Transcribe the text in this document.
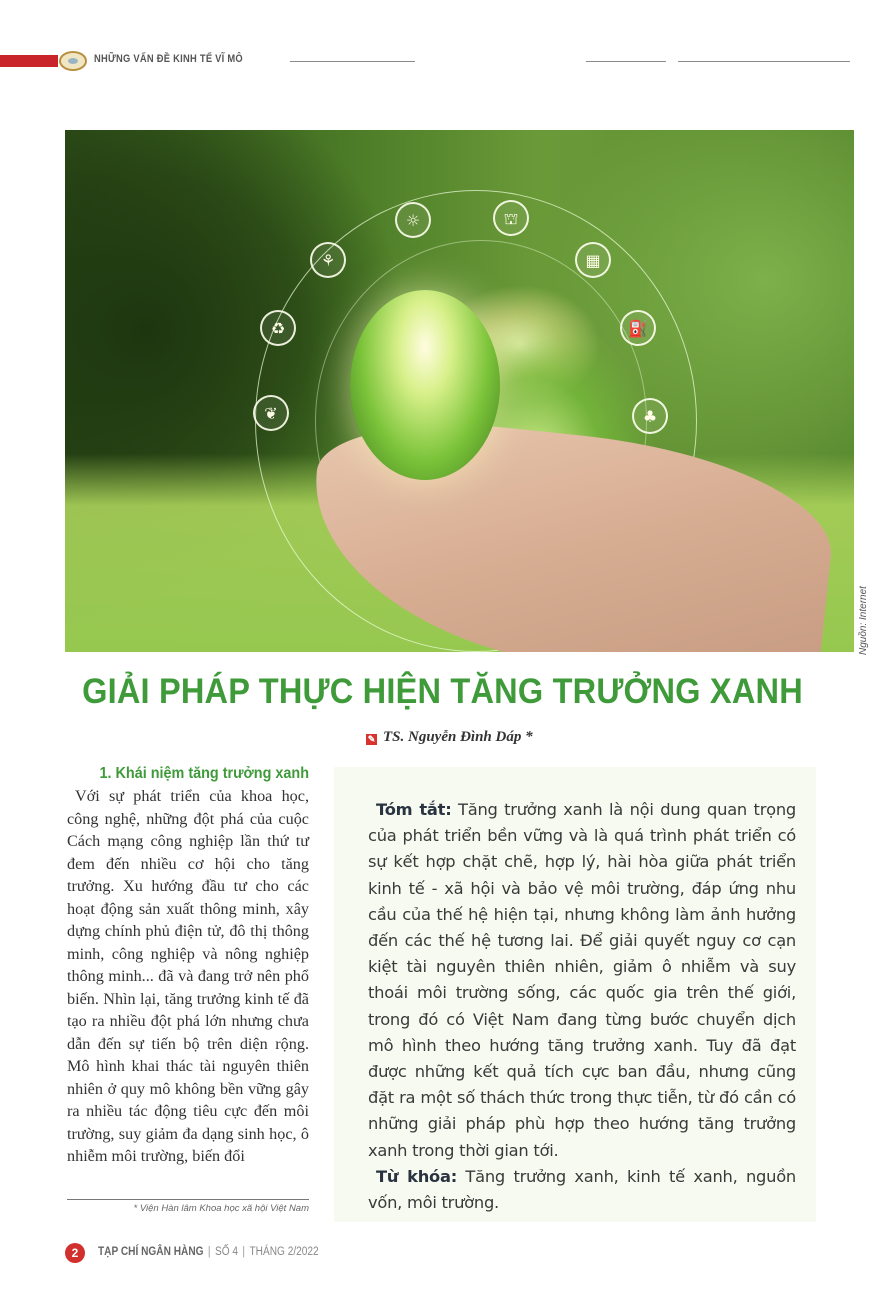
NHỮNG VẤN ĐỀ KINH TẾ VĨ MÔ
❦
♻
⚘
☼	⛫
▦
⛽
♣
Nguồn: Internet
GIẢI PHÁP THỰC HIỆN TĂNG TRƯỞNG XANH
✎ TS. Nguyễn Đình Dáp *
1. Khái niệm tăng trưởng xanh

Với sự phát triển của khoa học, công nghệ, những đột phá của cuộc Cách mạng công nghiệp lần thứ tư đem đến nhiều cơ hội cho tăng trưởng. Xu hướng đầu tư cho các hoạt động sản xuất thông minh, xây dựng chính phủ điện tử, đô thị thông minh, công nghiệp và nông nghiệp thông minh... đã và đang trở nên phổ biến. Nhìn lại, tăng trưởng kinh tế đã tạo ra nhiều đột phá lớn nhưng chưa dẫn đến sự tiến bộ trên diện rộng. Mô hình khai thác tài nguyên thiên nhiên ở quy mô không bền vững gây ra nhiều tác động tiêu cực đến môi trường, suy giảm đa dạng sinh học, ô nhiễm môi trường, biến đổi

* Viện Hàn lâm Khoa học xã hội Việt Nam

Tóm tắt: Tăng trưởng xanh là nội dung quan trọng của phát triển bền vững và là quá trình phát triển có sự kết hợp chặt chẽ, hợp lý, hài hòa giữa phát triển kinh tế - xã hội và bảo vệ môi trường, đáp ứng nhu cầu của thế hệ hiện tại, nhưng không làm ảnh hưởng đến các thế hệ tương lai. Để giải quyết nguy cơ cạn kiệt tài nguyên thiên nhiên, giảm ô nhiễm và suy thoái môi trường sống, các quốc gia trên thế giới, trong đó có Việt Nam đang từng bước chuyển dịch mô hình theo hướng tăng trưởng xanh. Tuy đã đạt được những kết quả tích cực ban đầu, nhưng cũng đặt ra một số thách thức trong thực tiễn, từ đó cần có những giải pháp phù hợp theo hướng tăng trưởng xanh trong thời gian tới.

Từ khóa: Tăng trưởng xanh, kinh tế xanh, nguồn vốn, môi trường.

2	TẠP CHÍ NGÂN HÀNG | SỐ 4 | THÁNG 2/2022
